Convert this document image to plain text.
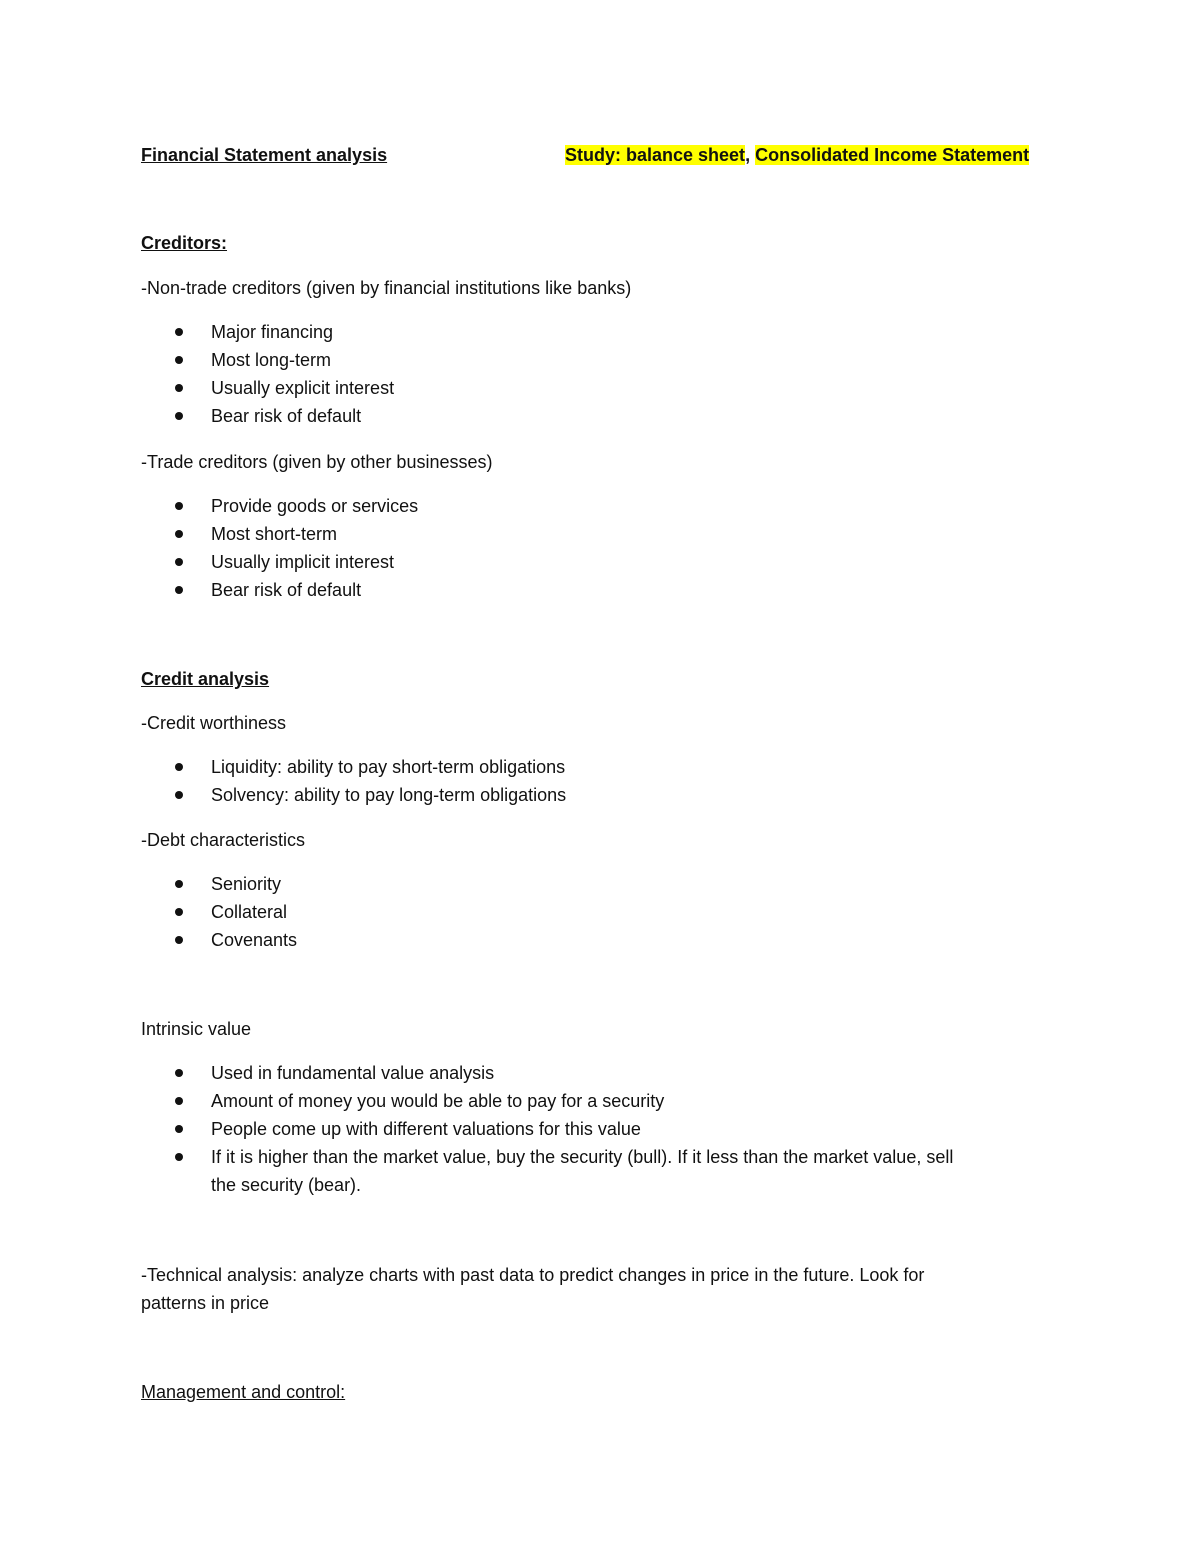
Financial Statement analysis	Study: balance sheet, Consolidated Income Statement
Creditors:
-Non-trade creditors (given by financial institutions like banks)
Major financing
Most long-term
Usually explicit interest
Bear risk of default
-Trade creditors (given by other businesses)
Provide goods or services
Most short-term
Usually implicit interest
Bear risk of default
Credit analysis
-Credit worthiness
Liquidity: ability to pay short-term obligations
Solvency: ability to pay long-term obligations
-Debt characteristics
Seniority
Collateral
Covenants
Intrinsic value
Used in fundamental value analysis
Amount of money you would be able to pay for a security
People come up with different valuations for this value
If it is higher than the market value, buy the security (bull). If it less than the market value, sell
the security (bear).
-Technical analysis: analyze charts with past data to predict changes in price in the future. Look for
patterns in price
Management and control:
